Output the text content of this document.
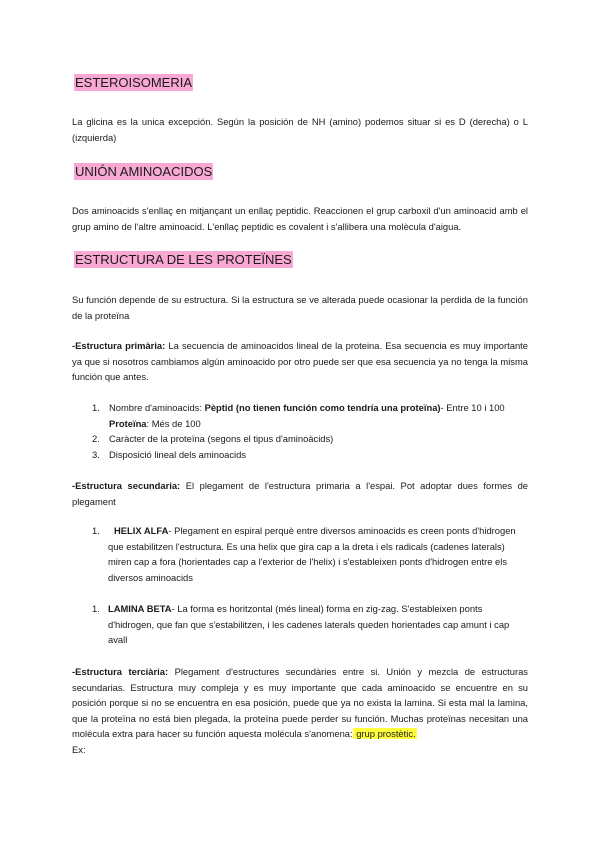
ESTEROISOMERIA

La glicina es la unica excepción. Según la posición de NH (amino) podemos situar si es D (derecha) o L (izquierda)

UNIÓN AMINOACIDOS

Dos aminoacids s'enllaç en mitjançant un enllaç peptidic. Reaccionen el grup carboxil d'un aminoacid amb el grup amino de l'altre aminoacid. L'enllaç peptidic es covalent i s'allibera una molècula d'aigua.

ESTRUCTURA DE LES PROTEÏNES

Su función depende de su estructura. Si la estructura se ve alterada puede ocasionar la perdida de la función de la proteïna

-Estructura primària: La secuencia de aminoacidos lineal de la proteina. Esa secuencia es muy importante ya que si nosotros cambiamos algún aminoacido por otro puede ser que esa secuencia ya no tenga la misma función que antes.

1. Nombre d'aminoacids: Pèptid (no tienen función como tendría una proteïna)- Entre 10 i 100 Proteïna: Més de 100
2. Caràcter de la proteïna (segons el tipus d'aminoàcids)
3. Disposició lineal dels aminoacids

-Estructura secundaria: El plegament de l'estructura primaria a l'espai. Pot adoptar dues formes de plegament

1.	HELIX ALFA- Plegament en espiral perquè entre diversos aminoacids es creen ponts d'hidrogen que estabilitzen l'estructura. Es una helix que gira cap a la dreta i els radicals (cadenes laterals) miren cap a fora (horientades cap a l'exterior de l'helix) i s'estableixen ponts d'hidrogen entre els diversos aminoacids
1. LAMINA BETA- La forma es horitzontal (més lineal) forma en zig-zag. S'estableixen ponts d'hidrogen, que fan que s'estabilitzen, i les cadenes laterals queden horientades cap amunt i cap avall

-Estructura terciària: Plegament d'estructures secundàries entre si. Unión y mezcla de estructuras secundarias. Estructura muy compleja y es muy importante que cada aminoacido se encuentre en su posición porque si no se encuentra en esa posición, puede que ya no exista la lamina. Si esta mal la lamina, que la proteïna no está bien plegada, la proteïna puede perder su función. Muchas proteïnas necesitan una molécula extra para hacer su función aquesta molécula s'anomena: grup prostètic.
Ex:
